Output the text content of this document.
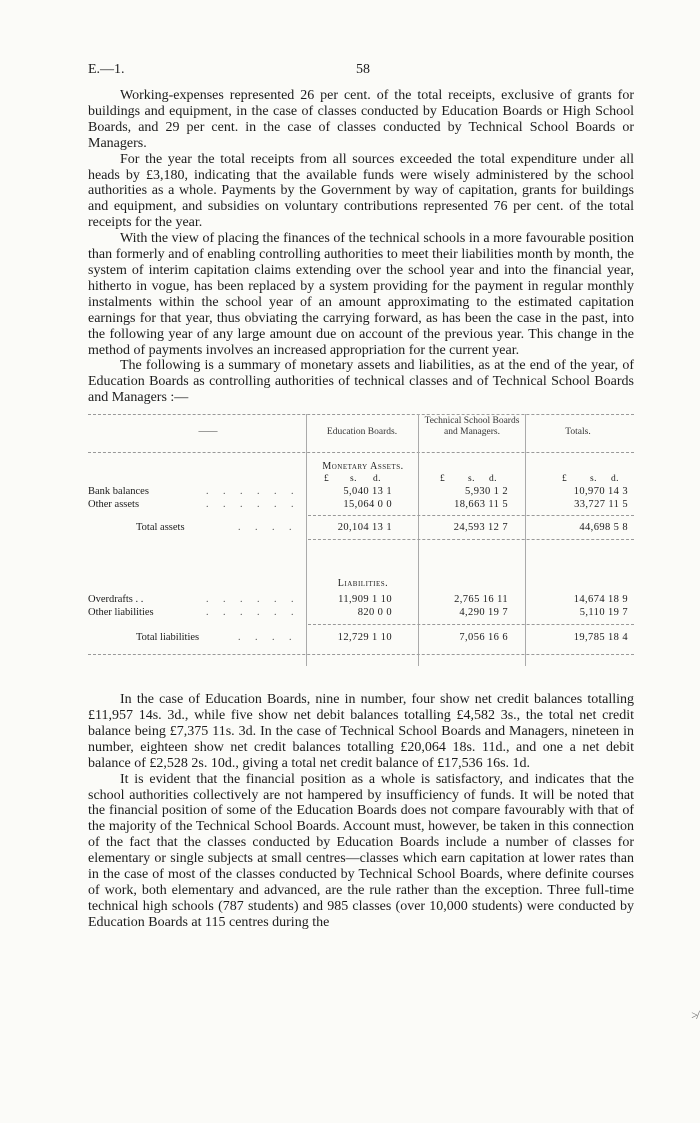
E.—1.	58

Working-expenses represented 26 per cent. of the total receipts, exclusive of grants for buildings and equipment, in the case of classes conducted by Education Boards or High School Boards, and 29 per cent. in the case of classes conducted by Technical School Boards or Managers.

For the year the total receipts from all sources exceeded the total expenditure under all heads by £3,180, indicating that the available funds were wisely administered by the school authorities as a whole. Payments by the Government by way of capitation, grants for buildings and equipment, and subsidies on voluntary contributions represented 76 per cent. of the total receipts for the year.

With the view of placing the finances of the technical schools in a more favourable position than formerly and of enabling controlling authorities to meet their liabilities month by month, the system of interim capitation claims extending over the school year and into the financial year, hitherto in vogue, has been replaced by a system providing for the payment in regular monthly instalments within the school year of an amount approximating to the estimated capitation earnings for that year, thus obviating the carrying forward, as has been the case in the past, into the following year of any large amount due on account of the previous year. This change in the method of payments involves an increased appropriation for the current year.

The following is a summary of monetary assets and liabilities, as at the end of the year, of Education Boards as controlling authorities of technical classes and of Technical School Boards and Managers :—

——	Education Boards.
Technical School Boards and Managers.	Totals.
Monetary Assets.
£ s. d.	£ s. d.	£ s. d.
Bank balances	. . . . . .	5,040 13 1	5,930 1 2	10,970 14 3
Other assets	. . . . . .	15,064 0 0	18,663 11 5	33,727 11 5
Total assets	. . . .	20,104 13 1	24,593 12 7	44,698 5 8
Liabilities.
Overdrafts . .	. . . . . .	11,909 1 10	2,765 16 11	14,674 18 9
Other liabilities	. . . . . .	820 0 0	4,290 19 7	5,110 19 7
Total liabilities	. . . .	12,729 1 10	7,056 16 6	19,785 18 4

In the case of Education Boards, nine in number, four show net credit balances totalling £11,957 14s. 3d., while five show net debit balances totalling £4,582 3s., the total net credit balance being £7,375 11s. 3d. In the case of Technical School Boards and Managers, nineteen in number, eighteen show net credit balances totalling £20,064 18s. 11d., and one a net debit balance of £2,528 2s. 10d., giving a total net credit balance of £17,536 16s. 1d.

It is evident that the financial position as a whole is satisfactory, and indicates that the school authorities collectively are not hampered by insufficiency of funds. It will be noted that the financial position of some of the Education Boards does not compare favourably with that of the majority of the Technical School Boards. Account must, however, be taken in this connection of the fact that the classes conducted by Education Boards include a number of classes for elementary or single subjects at small centres—classes which earn capitation at lower rates than in the case of most of the classes conducted by Technical School Boards, where definite courses of work, both elementary and advanced, are the rule rather than the exception. Three full-time technical high schools (787 students) and 985 classes (over 10,000 students) were conducted by Education Boards at 115 centres during the

≯
